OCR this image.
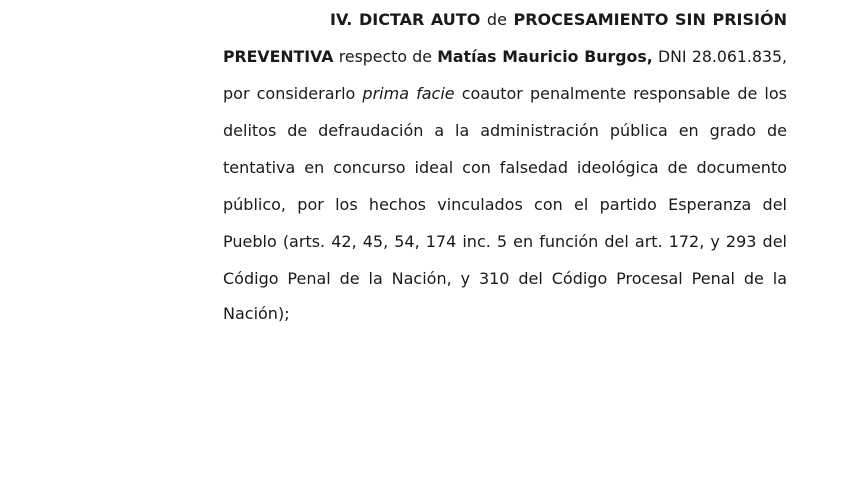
IV. DICTAR AUTO de PROCESAMIENTO SIN PRISIÓN
PREVENTIVA respecto de Matías Mauricio Burgos, DNI 28.061.835,
por considerarlo prima facie coautor penalmente responsable de los
delitos de defraudación a la administración pública en grado de
tentativa en concurso ideal con falsedad ideológica de documento
público, por los hechos vinculados con el partido Esperanza del
Pueblo (arts. 42, 45, 54, 174 inc. 5 en función del art. 172, y 293 del
Código Penal de la Nación, y 310 del Código Procesal Penal de la
Nación);
